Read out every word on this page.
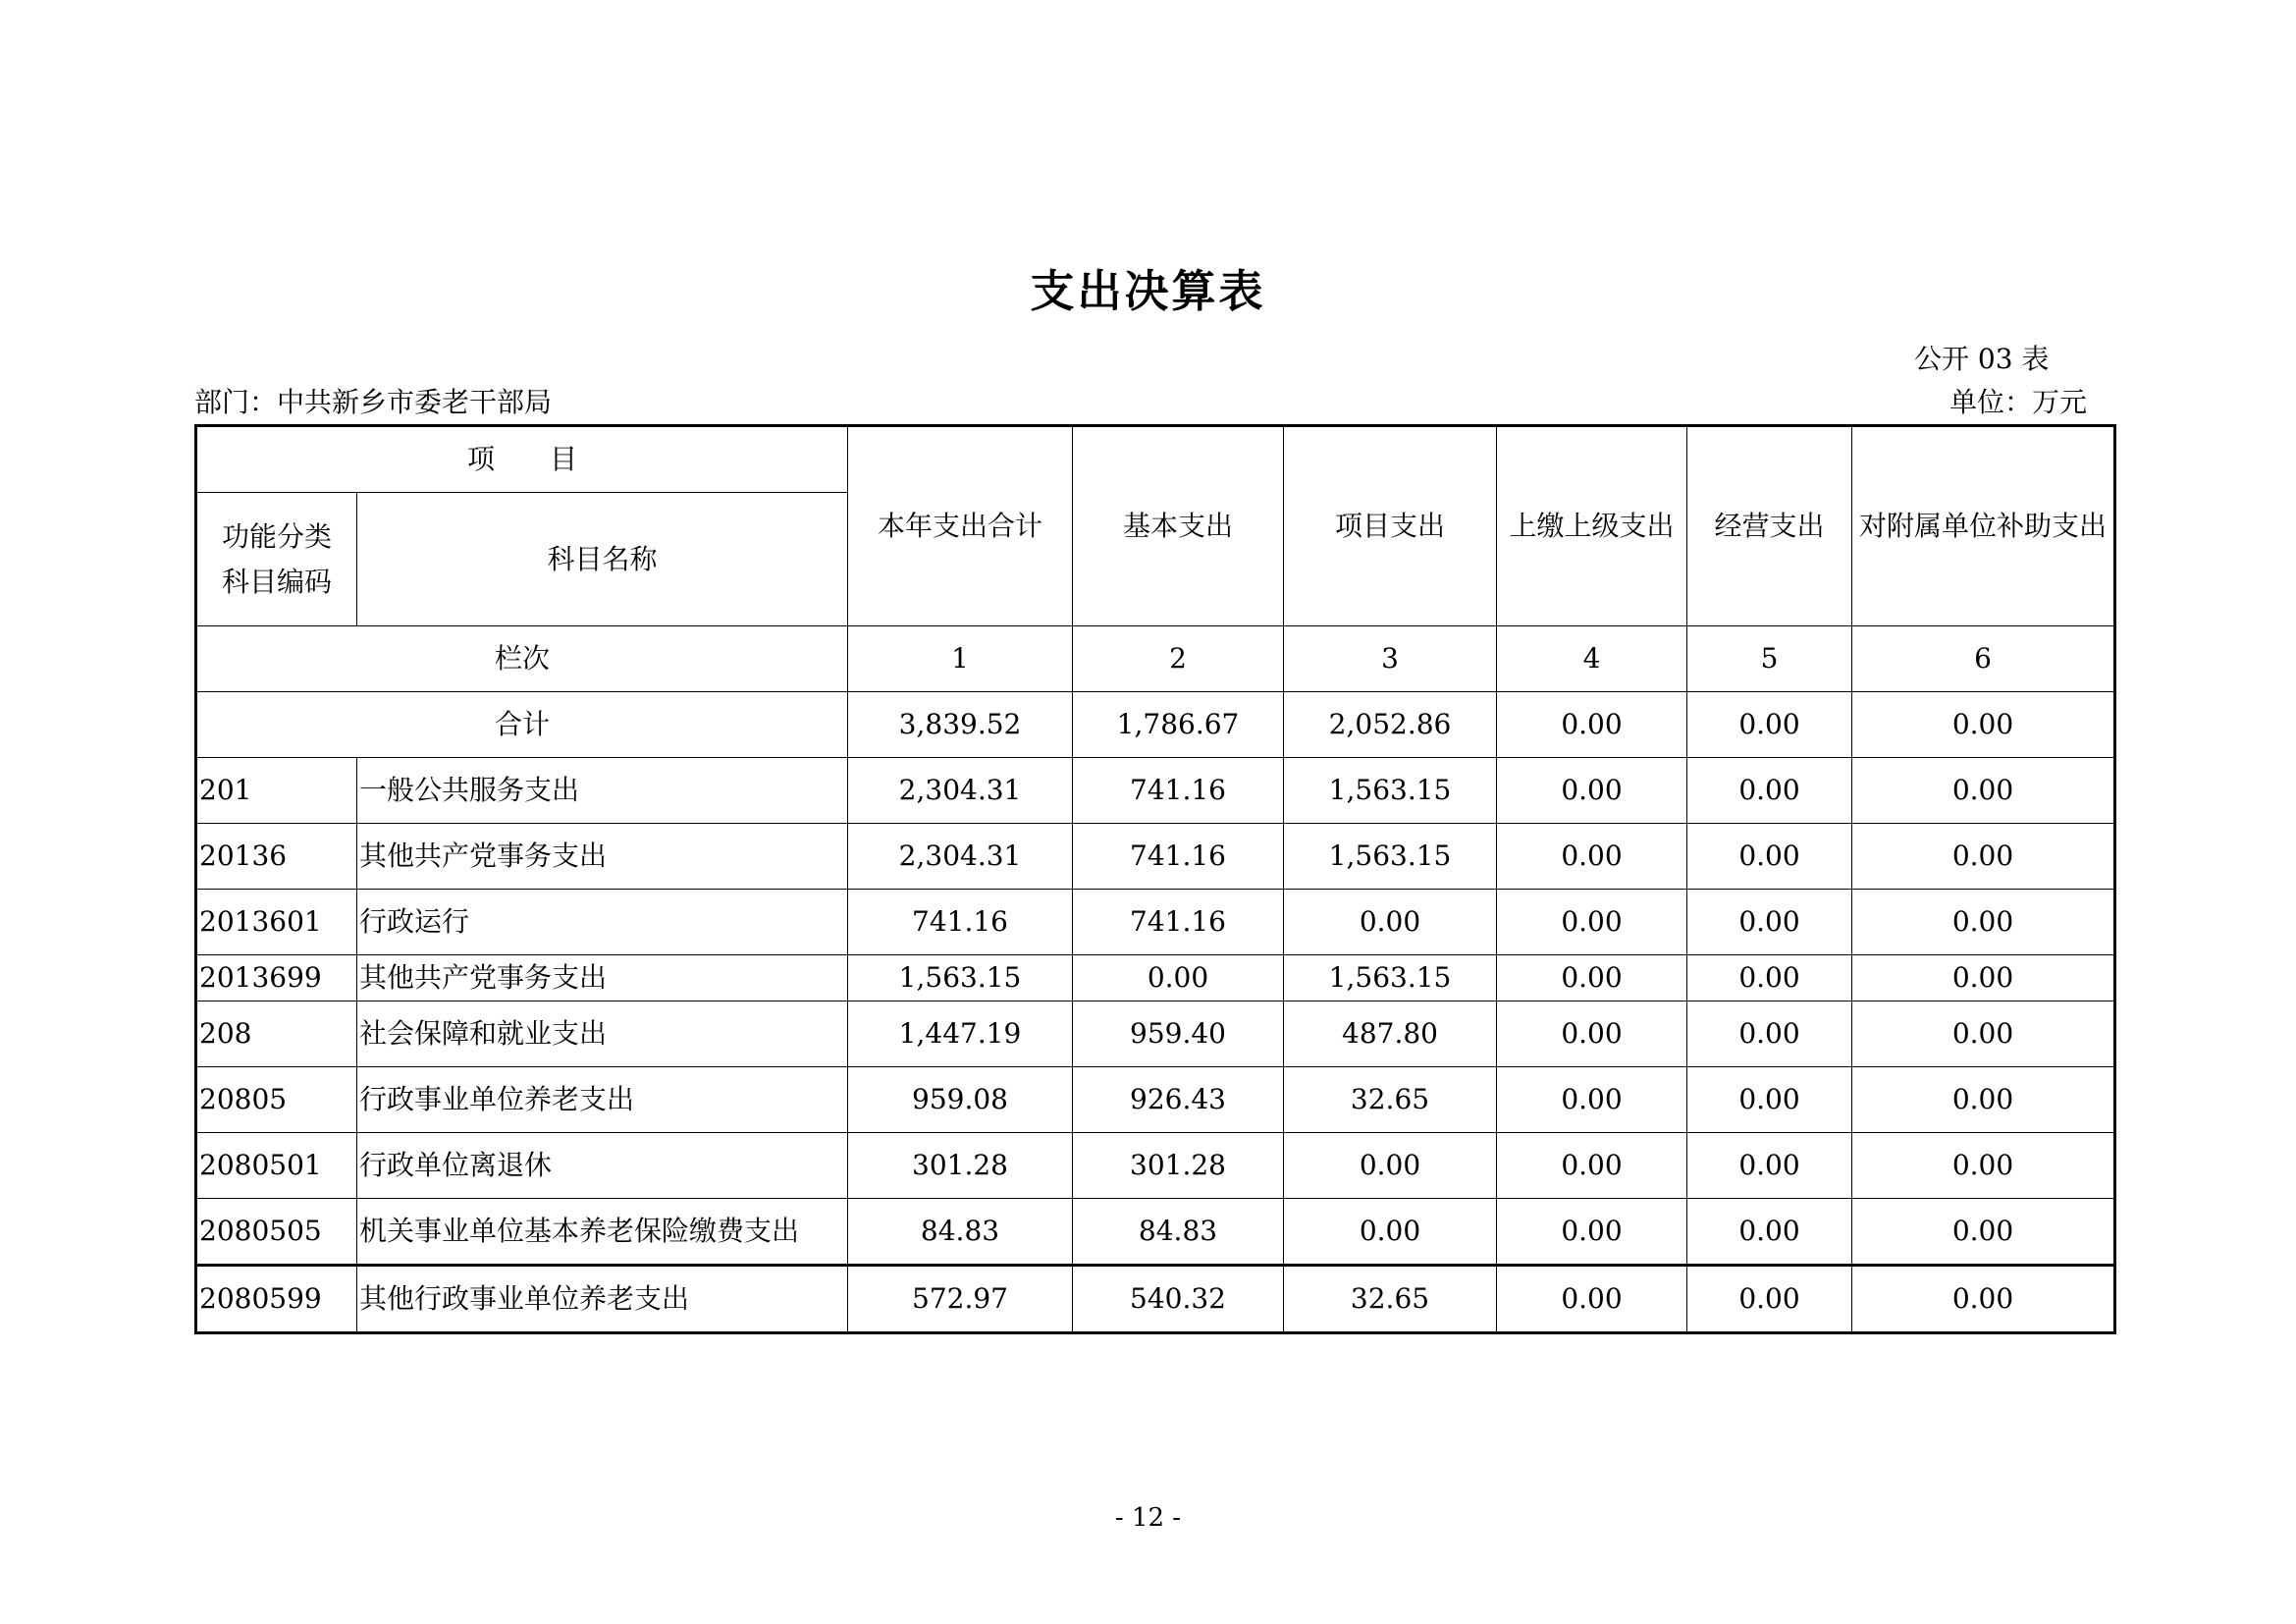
支出决算表
公开 03 表
部门：中共新乡市委老干部局	单位：万元
项　　目		本年支出合计	基本支出	项目支出	上缴上级支出	经营支出	对附属单位补助支出
功能分类科目编码	科目名称						
栏次		1	2	3	4	5	6
合计		3,839.52	1,786.67	2,052.86	0.00	0.00	0.00
201	一般公共服务支出	2,304.31	741.16	1,563.15	0.00	0.00	0.00
20136	其他共产党事务支出	2,304.31	741.16	1,563.15	0.00	0.00	0.00
2013601	行政运行	741.16	741.16	0.00	0.00	0.00	0.00
2013699	其他共产党事务支出	1,563.15	0.00	1,563.15	0.00	0.00	0.00
208	社会保障和就业支出	1,447.19	959.40	487.80	0.00	0.00	0.00
20805	行政事业单位养老支出	959.08	926.43	32.65	0.00	0.00	0.00
2080501	行政单位离退休	301.28	301.28	0.00	0.00	0.00	0.00
2080505	机关事业单位基本养老保险缴费支出	84.83	84.83	0.00	0.00	0.00	0.00
2080599	其他行政事业单位养老支出	572.97	540.32	32.65	0.00	0.00	0.00
- 12 -
